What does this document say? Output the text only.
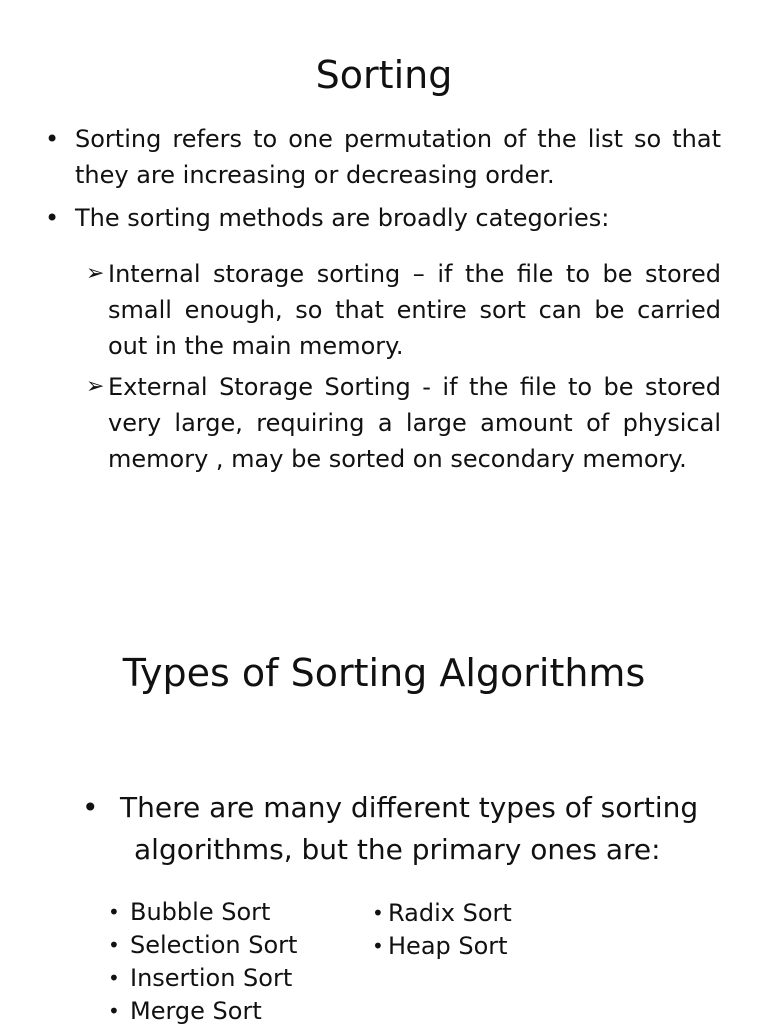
Sorting
• Sorting refers to one permutation of the list so that they are increasing or decreasing order.
• The sorting methods are broadly categories:
➢ Internal storage sorting – if the file to be stored small enough, so that entire sort can be carried out in the main memory.
➢ External Storage Sorting - if the file to be stored very large, requiring a large amount of physical memory , may be sorted on secondary memory.
Types of Sorting Algorithms
• There are many different types of sorting
algorithms, but the primary ones are:
• Bubble Sort
• Selection Sort
• Insertion Sort
• Merge Sort
• Radix Sort
• Heap Sort
